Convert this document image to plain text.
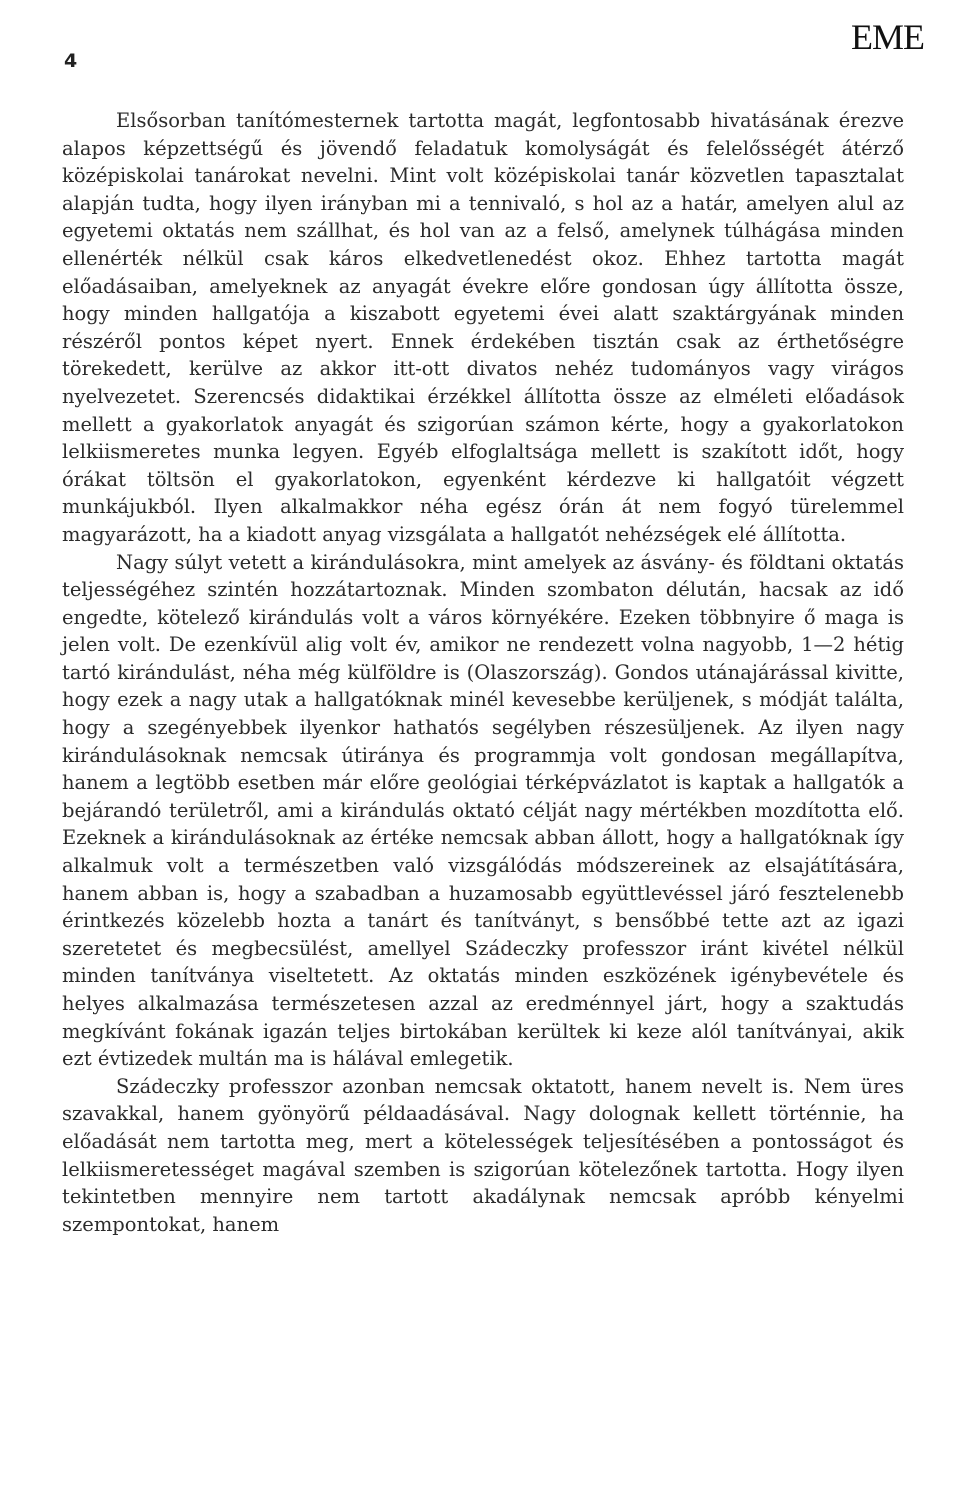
4
EME

Elsősorban tanítómesternek tartotta magát, legfontosabb hivatásának érezve alapos képzettségű és jövendő feladatuk komolyságát és felelősségét átérző középiskolai tanárokat nevelni. Mint volt középiskolai tanár közvetlen tapasztalat alapján tudta, hogy ilyen irányban mi a tennivaló, s hol az a határ, amelyen alul az egyetemi oktatás nem szállhat, és hol van az a felső, amelynek túlhágása minden ellenérték nélkül csak káros elkedvetlenedést okoz. Ehhez tartotta magát előadásaiban, amelyeknek az anyagát évekre előre gondosan úgy állította össze, hogy minden hallgatója a kiszabott egyetemi évei alatt szaktárgyának minden részéről pontos képet nyert. Ennek érdekében tisztán csak az érthetőségre törekedett, kerülve az akkor itt-ott divatos nehéz tudományos vagy virágos nyelvezetet. Szerencsés didaktikai érzékkel állította össze az elméleti előadások mellett a gyakorlatok anyagát és szigorúan számon kérte, hogy a gyakorlatokon lelkiismeretes munka legyen. Egyéb elfoglaltsága mellett is szakított időt, hogy órákat töltsön el gyakorlatokon, egyenként kérdezve ki hallgatóit végzett munkájukból. Ilyen alkalmakkor néha egész órán át nem fogyó türelemmel magyarázott, ha a kiadott anyag vizsgálata a hallgatót nehézségek elé állította.

Nagy súlyt vetett a kirándulásokra, mint amelyek az ásvány- és földtani oktatás teljességéhez szintén hozzátartoznak. Minden szombaton délután, hacsak az idő engedte, kötelező kirándulás volt a város környékére. Ezeken többnyire ő maga is jelen volt. De ezenkívül alig volt év, amikor ne rendezett volna nagyobb, 1—2 hétig tartó kirándulást, néha még külföldre is (Olaszország). Gondos utánajárással kivitte, hogy ezek a nagy utak a hallgatóknak minél kevesebbe kerüljenek, s módját találta, hogy a szegényebbek ilyenkor hathatós segélyben részesüljenek. Az ilyen nagy kirándulásoknak nemcsak útiránya és programmja volt gondosan megállapítva, hanem a legtöbb esetben már előre geológiai térképvázlatot is kaptak a hallgatók a bejárandó területről, ami a kirándulás oktató célját nagy mértékben mozdította elő. Ezeknek a kirándulásoknak az értéke nemcsak abban állott, hogy a hallgatóknak így alkalmuk volt a természetben való vizsgálódás módszereinek az elsajátítására, hanem abban is, hogy a szabadban a huzamosabb együttlevéssel járó fesztelenebb érintkezés közelebb hozta a tanárt és tanítványt, s bensőbbé tette azt az igazi szeretetet és megbecsülést, amellyel Szádeczky professzor iránt kivétel nélkül minden tanítványa viseltetett. Az oktatás minden eszközének igénybevétele és helyes alkalmazása természetesen azzal az eredménnyel járt, hogy a szaktudás megkívánt fokának igazán teljes birtokában kerültek ki keze alól tanítványai, akik ezt évtizedek multán ma is hálával emlegetik.

Szádeczky professzor azonban nemcsak oktatott, hanem nevelt is. Nem üres szavakkal, hanem gyönyörű példaadásával. Nagy dolognak kellett történnie, ha előadását nem tartotta meg, mert a kötelességek teljesítésében a pontosságot és lelkiismeretességet magával szemben is szigorúan kötelezőnek tartotta. Hogy ilyen tekintetben mennyire nem tartott akadálynak nemcsak apróbb kényelmi szempontokat, hanem
